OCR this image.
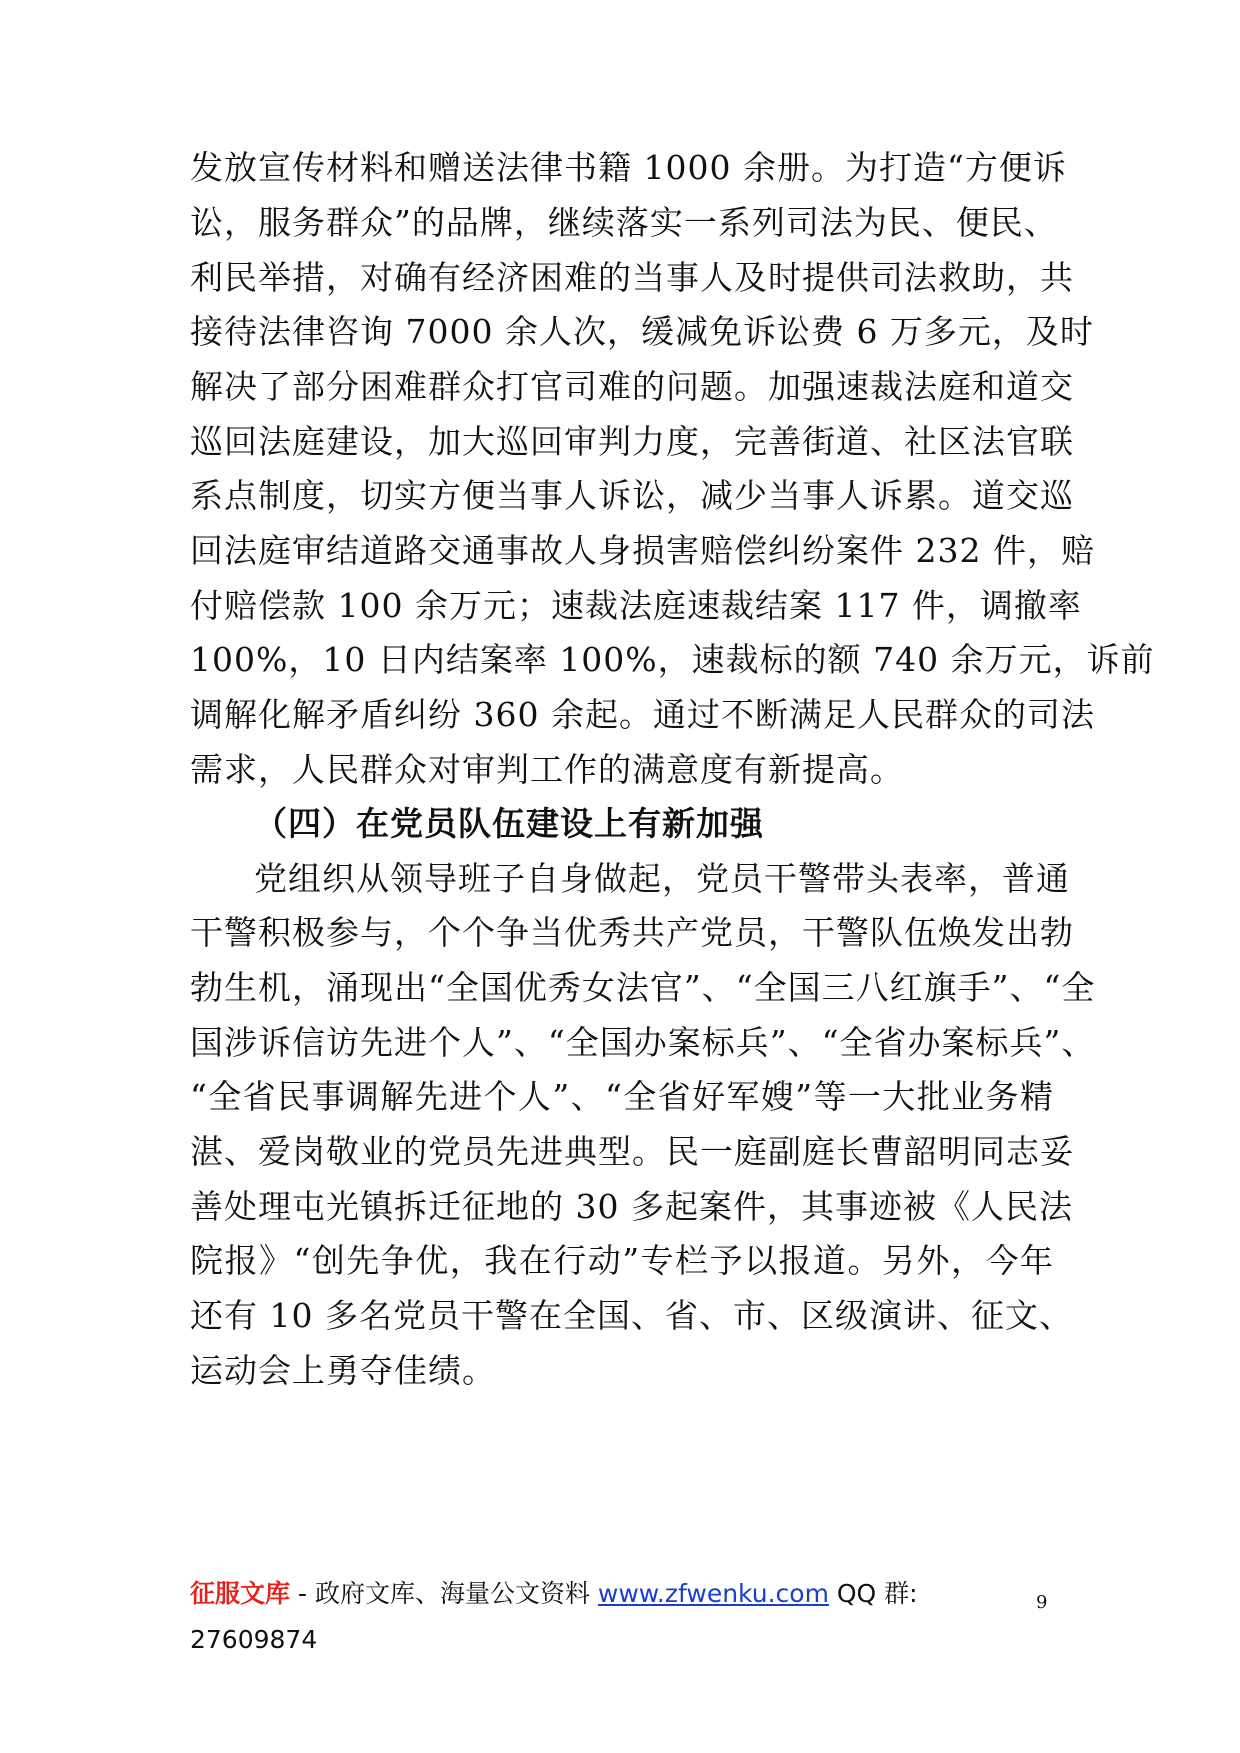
发放宣传材料和赠送法律书籍 1000 余册。为打造“方便诉
讼，服务群众”的品牌，继续落实一系列司法为民、便民、
利民举措，对确有经济困难的当事人及时提供司法救助，共
接待法律咨询 7000 余人次，缓减免诉讼费 6 万多元，及时
解决了部分困难群众打官司难的问题。加强速裁法庭和道交
巡回法庭建设，加大巡回审判力度，完善街道、社区法官联
系点制度，切实方便当事人诉讼，减少当事人诉累。道交巡
回法庭审结道路交通事故人身损害赔偿纠纷案件 232 件，赔
付赔偿款 100 余万元；速裁法庭速裁结案 117 件，调撤率
100%，10 日内结案率 100%，速裁标的额 740 余万元，诉前
调解化解矛盾纠纷 360 余起。通过不断满足人民群众的司法
需求，人民群众对审判工作的满意度有新提高。
（四）在党员队伍建设上有新加强
党组织从领导班子自身做起，党员干警带头表率，普通
干警积极参与，个个争当优秀共产党员，干警队伍焕发出勃
勃生机，涌现出“全国优秀女法官”、“全国三八红旗手”、“全
国涉诉信访先进个人”、“全国办案标兵”、“全省办案标兵”、
“全省民事调解先进个人”、“全省好军嫂”等一大批业务精
湛、爱岗敬业的党员先进典型。民一庭副庭长曹韶明同志妥
善处理屯光镇拆迁征地的 30 多起案件，其事迹被《人民法
院报》“创先争优，我在行动”专栏予以报道。另外，今年
还有 10 多名党员干警在全国、省、市、区级演讲、征文、
运动会上勇夺佳绩。
9
征服文库 - 政府文库、海量公文资料 www.zfwenku.com QQ 群:
27609874
